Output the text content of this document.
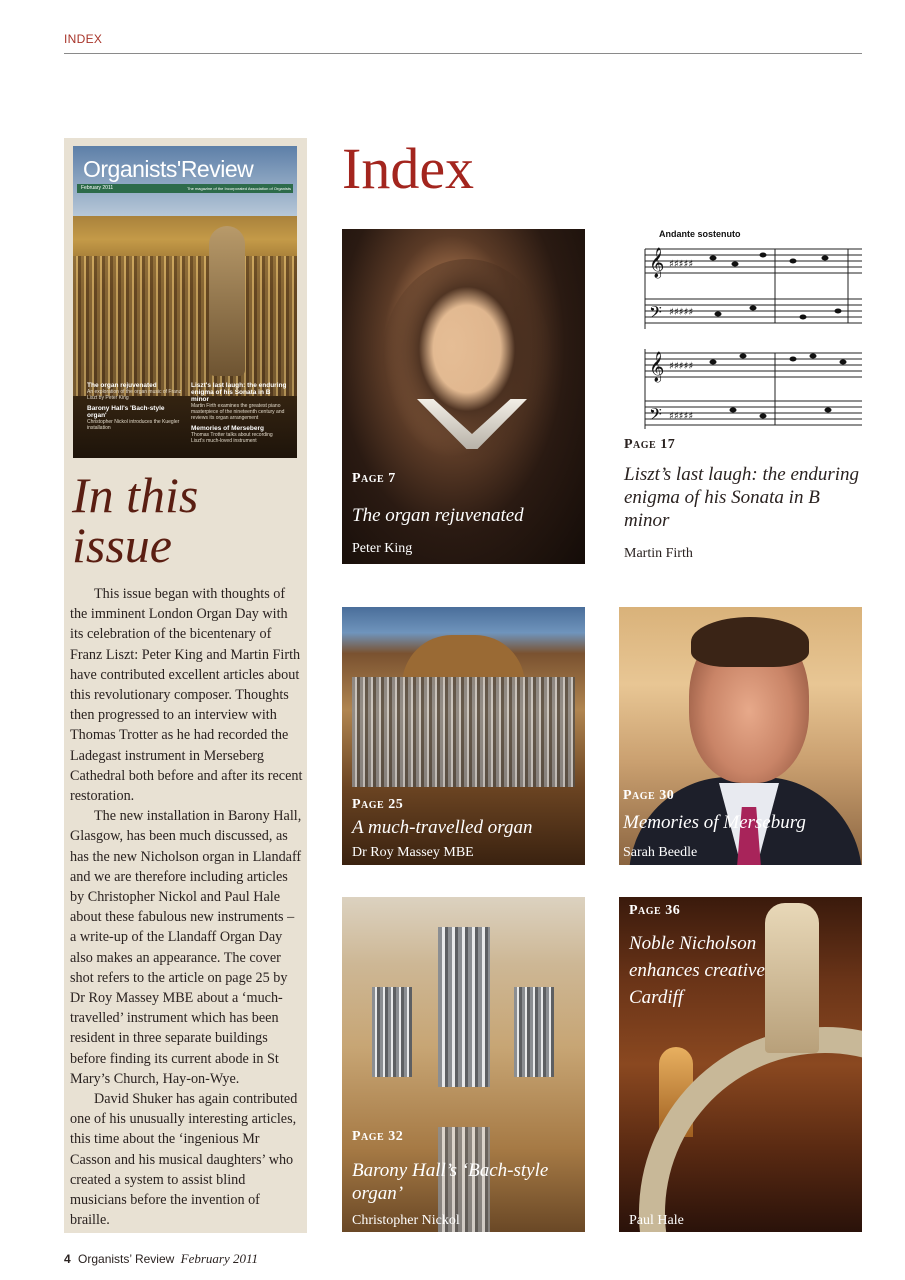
INDEX
Organists'Review
February 2011	The magazine of the Incorporated Association of Organists
The organ rejuvenated
An exploration of the organ music of Franz Liszt by Peter King
Barony Hall's 'Bach-style organ'
Christopher Nickol introduces the Kuegler installation
Liszt's last laugh: the enduring enigma of his Sonata in B minor
Martin Firth examines the greatest piano masterpiece of the nineteenth century and reviews its organ arrangement
Memories of Merseberg
Thomas Trotter talks about recording Liszt's much-loved instrument
In this
issue

This issue began with thoughts of the imminent London Organ Day with its celebration of the bicentenary of Franz Liszt: Peter King and Martin Firth have contributed excellent articles about this revolutionary composer. Thoughts then progressed to an interview with Thomas Trotter as he had recorded the Ladegast instrument in Merseberg Cathedral both before and after its recent restoration.

The new installation in Barony Hall, Glasgow, has been much discussed, as has the new Nicholson organ in Llandaff and we are therefore including articles by Christopher Nickol and Paul Hale about these fabulous new instruments – a write-up of the Llandaff Organ Day also makes an appearance. The cover shot refers to the article on page 25 by Dr Roy Massey MBE about a ‘much-travelled’ instrument which has been resident in three separate buildings before finding its current abode in St Mary’s Church, Hay-on-Wye.

David Shuker has again contributed one of his unusually interesting articles, this time about the ‘ingenious Mr Casson and his musical daughters’ who created a system to assist blind musicians before the invention of braille.

Index
Page 7
The organ rejuvenated
Peter King
Andante sostenuto
𝄞
𝄢
𝄞
𝄢
♯♯♯♯♯
♯♯♯♯♯
♯♯♯♯♯
♯♯♯♯♯
Page 17
Liszt’s last laugh: the enduring enigma of his Sonata in B minor
Martin Firth
Page 25
A much-travelled organ
Dr Roy Massey MBE
Page 30
Memories of Merseburg
Sarah Beedle
Page 32
Barony Hall’s ‘Bach-style organ’
Christopher Nickol
Page 36
Noble Nicholson enhances creative Cardiff
Paul Hale
4 Organists’ Review February 2011
